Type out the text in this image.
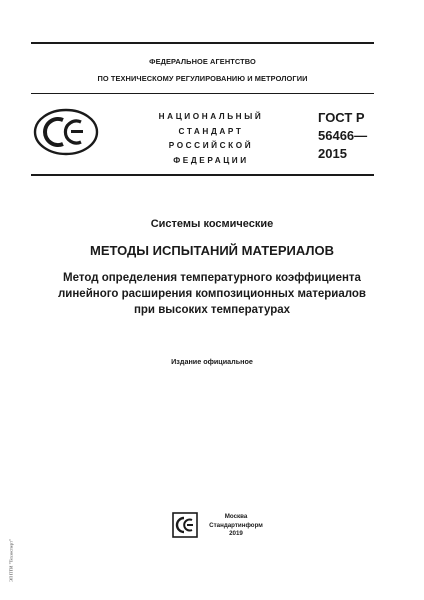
ФЕДЕРАЛЬНОЕ АГЕНТСТВО
ПО ТЕХНИЧЕСКОМУ РЕГУЛИРОВАНИЮ И МЕТРОЛОГИИ
НАЦИОНАЛЬНЫЙ
СТАНДАРТ
РОССИЙСКОЙ
ФЕДЕРАЦИИ
ГОСТ Р
56466—
2015
Системы космические
МЕТОДЫ ИСПЫТАНИЙ МАТЕРИАЛОВ
Метод определения температурного коэффициента
линейного расширения композиционных материалов
при высоких температурах
Издание официальное
Москва
Стандартинформ
2019
ЭЛ ПТИ "Техэксперт"
